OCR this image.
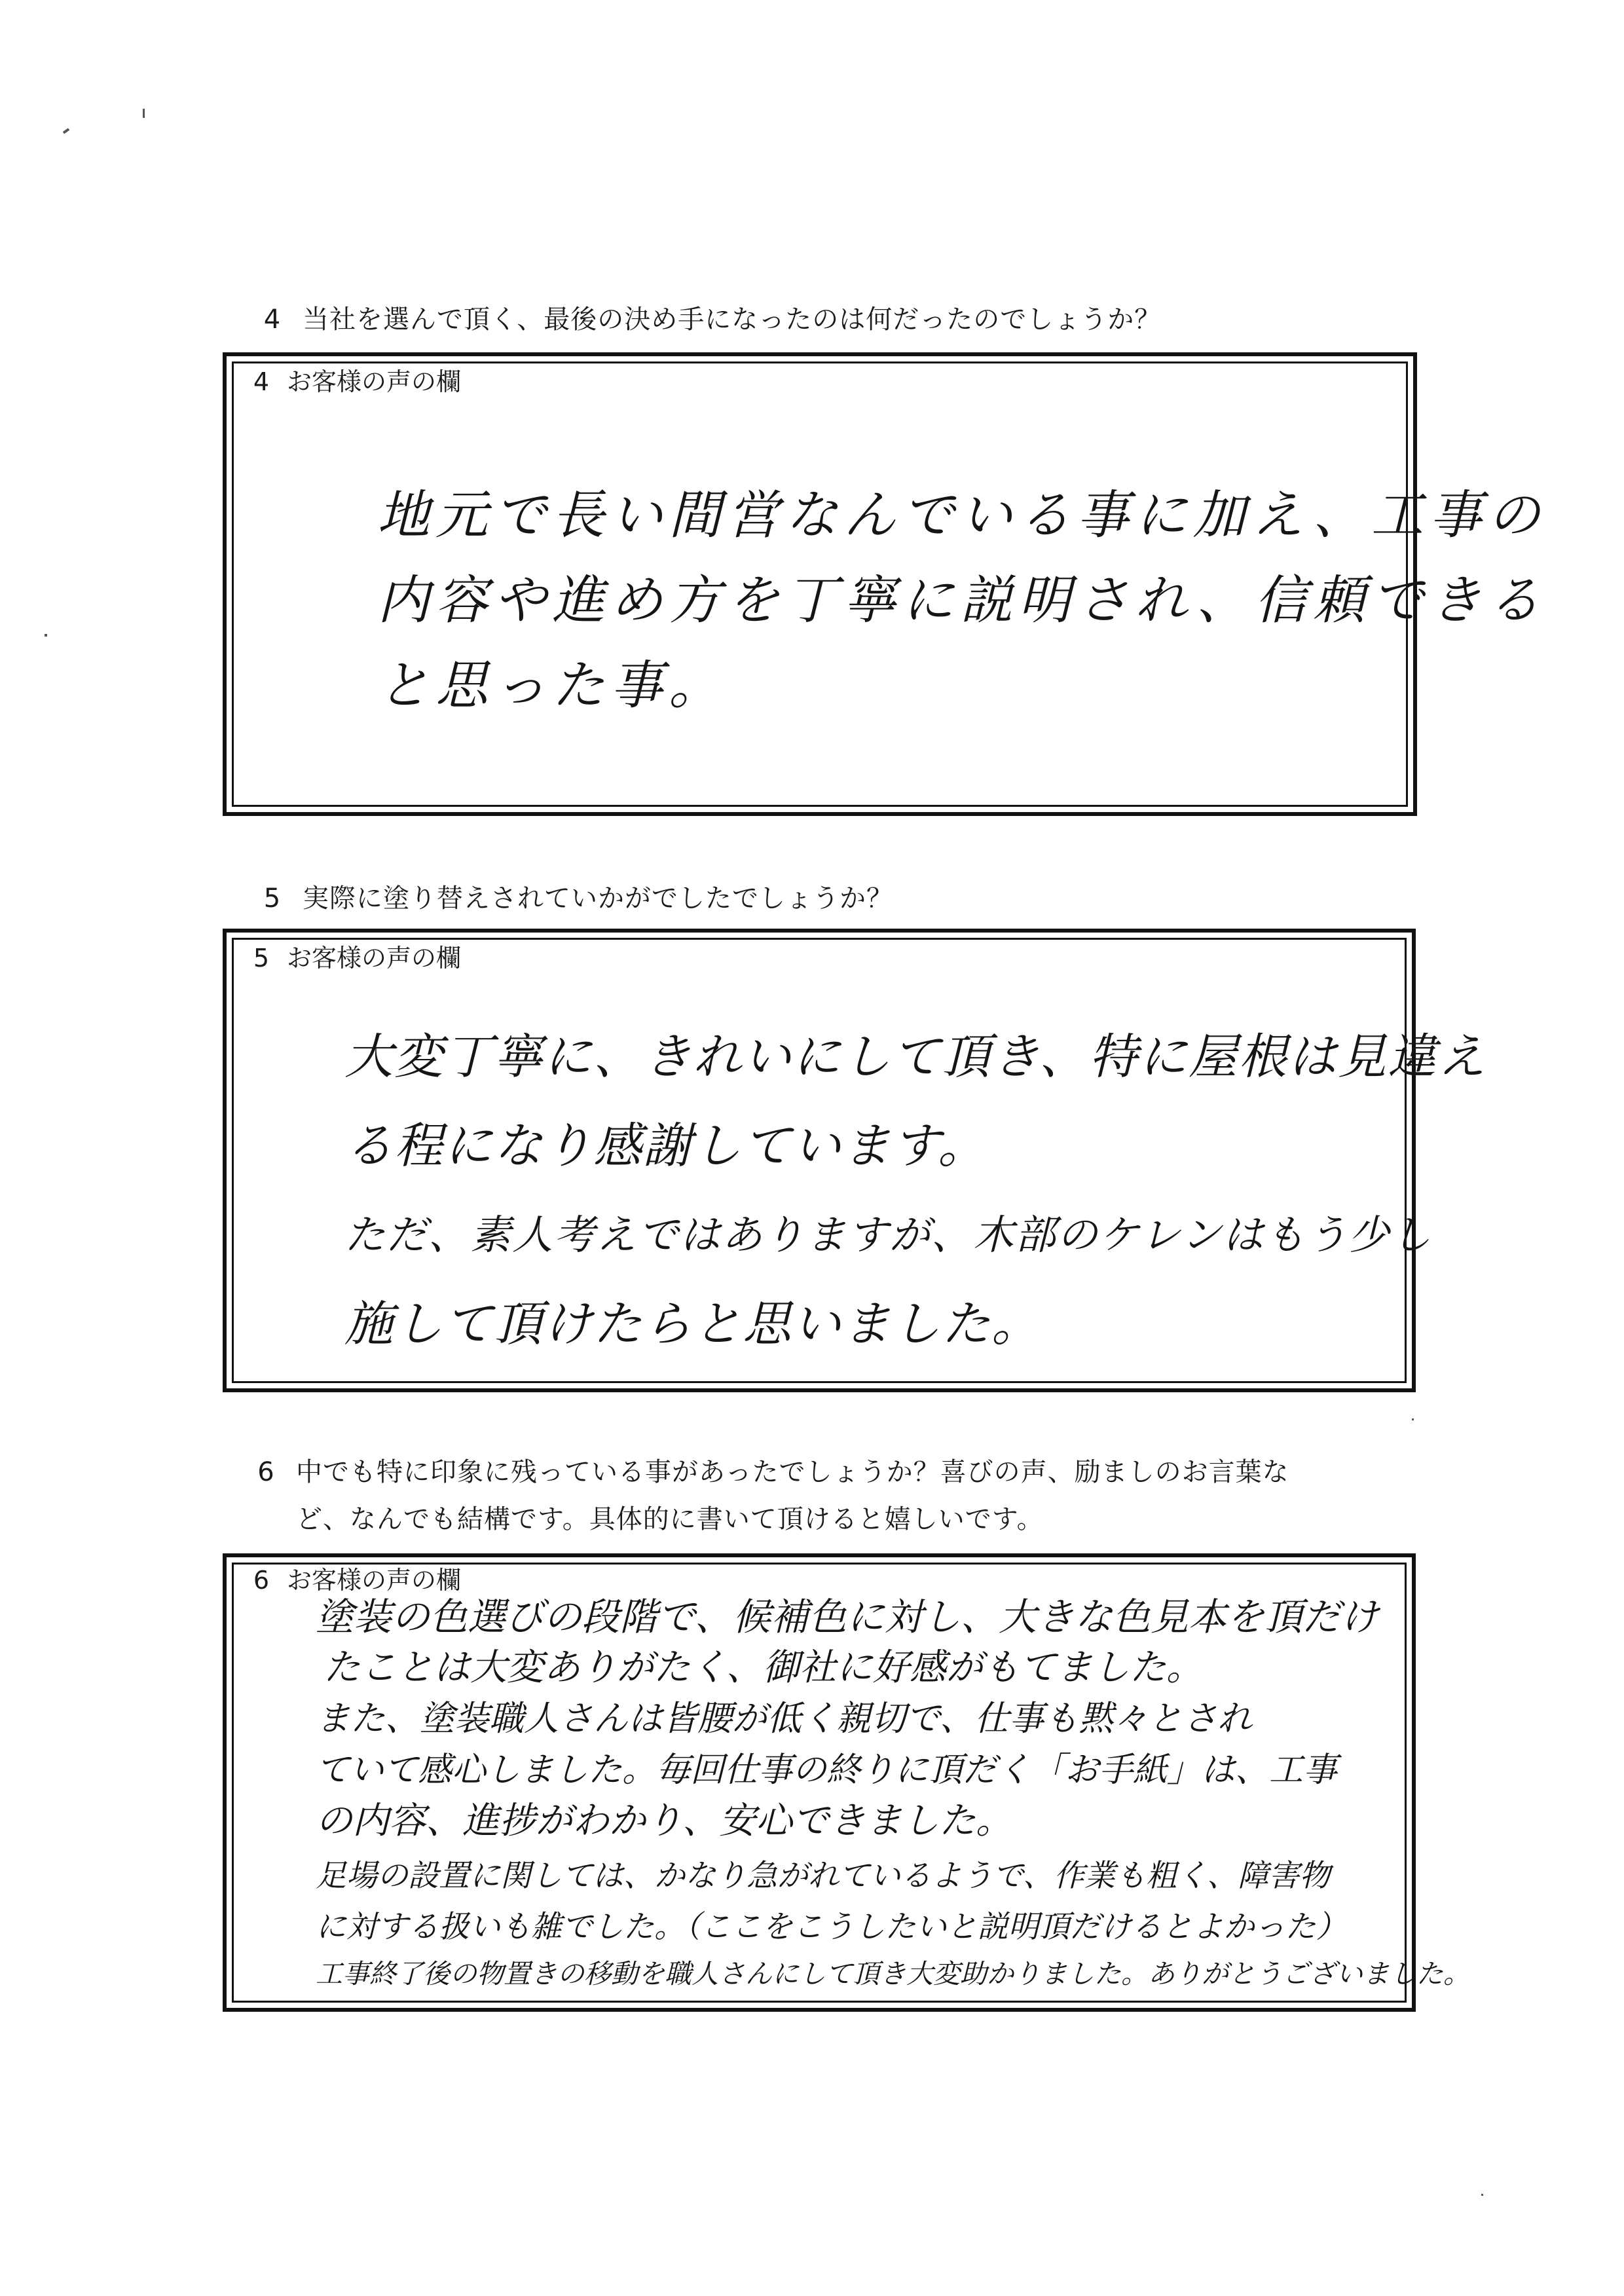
4 当社を選んで頂く、最後の決め手になったのは何だったのでしょうか？
4 お客様の声の欄
地元で長い間営なんでいる事に加え、工事の
内容や進め方を丁寧に説明され、信頼できる
と思った事。
5 実際に塗り替えされていかがでしたでしょうか？
5 お客様の声の欄
大変丁寧に、きれいにして頂き、特に屋根は見違え
る程になり感謝しています。
ただ、素人考えではありますが、木部のケレンはもう少し
施して頂けたらと思いました。
6 中でも特に印象に残っている事があったでしょうか？喜びの声、励ましのお言葉な
ど、なんでも結構です。具体的に書いて頂けると嬉しいです。
6 お客様の声の欄
塗装の色選びの段階で、候補色に対し、大きな色見本を頂だけ
たことは大変ありがたく、御社に好感がもてました。
また、塗装職人さんは皆腰が低く親切で、仕事も黙々とされ
ていて感心しました。毎回仕事の終りに頂だく「お手紙」は、工事
の内容、進捗がわかり、安心できました。
足場の設置に関しては、かなり急がれているようで、作業も粗く、障害物
に対する扱いも雑でした。（ここをこうしたいと説明頂だけるとよかった）
工事終了後の物置きの移動を職人さんにして頂き大変助かりました。ありがとうございました。
